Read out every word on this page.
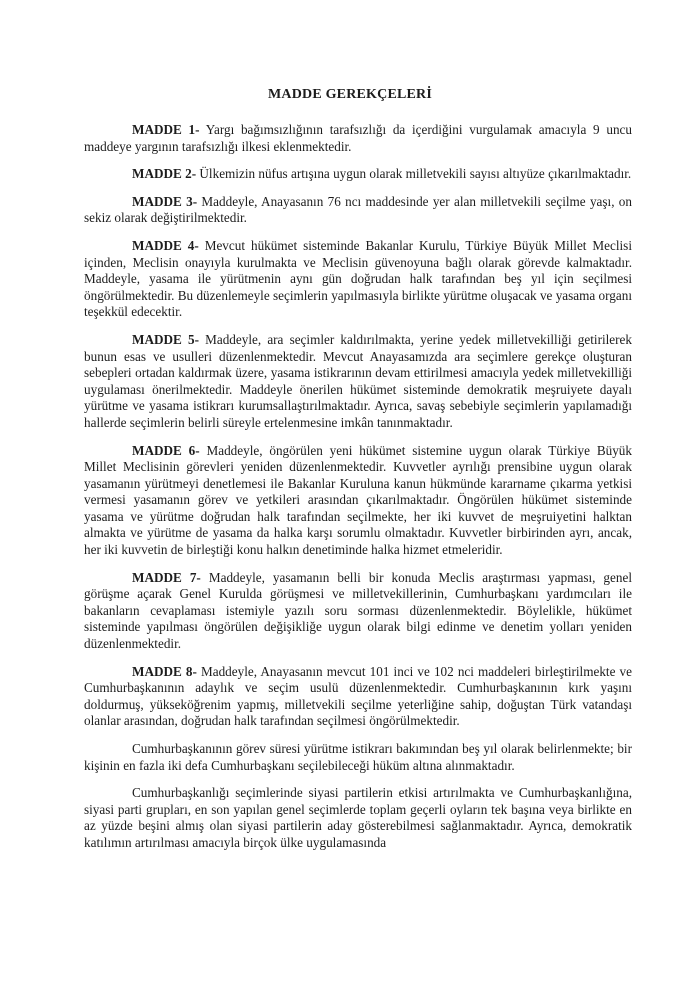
MADDE GEREKÇELERİ

MADDE 1- Yargı bağımsızlığının tarafsızlığı da içerdiğini vurgulamak amacıyla 9 uncu maddeye yargının tarafsızlığı ilkesi eklenmektedir.

MADDE 2- Ülkemizin nüfus artışına uygun olarak milletvekili sayısı altıyüze çıkarılmaktadır.

MADDE 3- Maddeyle, Anayasanın 76 ncı maddesinde yer alan milletvekili seçilme yaşı, on sekiz olarak değiştirilmektedir.

MADDE 4- Mevcut hükümet sisteminde Bakanlar Kurulu, Türkiye Büyük Millet Meclisi içinden, Meclisin onayıyla kurulmakta ve Meclisin güvenoyuna bağlı olarak görevde kalmaktadır. Maddeyle, yasama ile yürütmenin aynı gün doğrudan halk tarafından beş yıl için seçilmesi öngörülmektedir. Bu düzenlemeyle seçimlerin yapılmasıyla birlikte yürütme oluşacak ve yasama organı teşekkül edecektir.

MADDE 5- Maddeyle, ara seçimler kaldırılmakta, yerine yedek milletvekilliği getirilerek bunun esas ve usulleri düzenlenmektedir. Mevcut Anayasamızda ara seçimlere gerekçe oluşturan sebepleri ortadan kaldırmak üzere, yasama istikrarının devam ettirilmesi amacıyla yedek milletvekilliği uygulaması önerilmektedir. Maddeyle önerilen hükümet sisteminde demokratik meşruiyete dayalı yürütme ve yasama istikrarı kurumsallaştırılmaktadır. Ayrıca, savaş sebebiyle seçimlerin yapılamadığı hallerde seçimlerin belirli süreyle ertelenmesine imkân tanınmaktadır.

MADDE 6- Maddeyle, öngörülen yeni hükümet sistemine uygun olarak Türkiye Büyük Millet Meclisinin görevleri yeniden düzenlenmektedir. Kuvvetler ayrılığı prensibine uygun olarak yasamanın yürütmeyi denetlemesi ile Bakanlar Kuruluna kanun hükmünde kararname çıkarma yetkisi vermesi yasamanın görev ve yetkileri arasından çıkarılmaktadır. Öngörülen hükümet sisteminde yasama ve yürütme doğrudan halk tarafından seçilmekte, her iki kuvvet de meşruiyetini halktan almakta ve yürütme de yasama da halka karşı sorumlu olmaktadır. Kuvvetler birbirinden ayrı, ancak, her iki kuvvetin de birleştiği konu halkın denetiminde halka hizmet etmeleridir.

MADDE 7- Maddeyle, yasamanın belli bir konuda Meclis araştırması yapması, genel görüşme açarak Genel Kurulda görüşmesi ve milletvekillerinin, Cumhurbaşkanı yardımcıları ile bakanların cevaplaması istemiyle yazılı soru sorması düzenlenmektedir. Böylelikle, hükümet sisteminde yapılması öngörülen değişikliğe uygun olarak bilgi edinme ve denetim yolları yeniden düzenlenmektedir.

MADDE 8- Maddeyle, Anayasanın mevcut 101 inci ve 102 nci maddeleri birleştirilmekte ve Cumhurbaşkanının adaylık ve seçim usulü düzenlenmektedir. Cumhurbaşkanının kırk yaşını doldurmuş, yükseköğrenim yapmış, milletvekili seçilme yeterliğine sahip, doğuştan Türk vatandaşı olanlar arasından, doğrudan halk tarafından seçilmesi öngörülmektedir.

Cumhurbaşkanının görev süresi yürütme istikrarı bakımından beş yıl olarak belirlenmekte; bir kişinin en fazla iki defa Cumhurbaşkanı seçilebileceği hüküm altına alınmaktadır.

Cumhurbaşkanlığı seçimlerinde siyasi partilerin etkisi artırılmakta ve Cumhurbaşkanlığına, siyasi parti grupları, en son yapılan genel seçimlerde toplam geçerli oyların tek başına veya birlikte en az yüzde beşini almış olan siyasi partilerin aday gösterebilmesi sağlanmaktadır. Ayrıca, demokratik katılımın artırılması amacıyla birçok ülke uygulamasında
